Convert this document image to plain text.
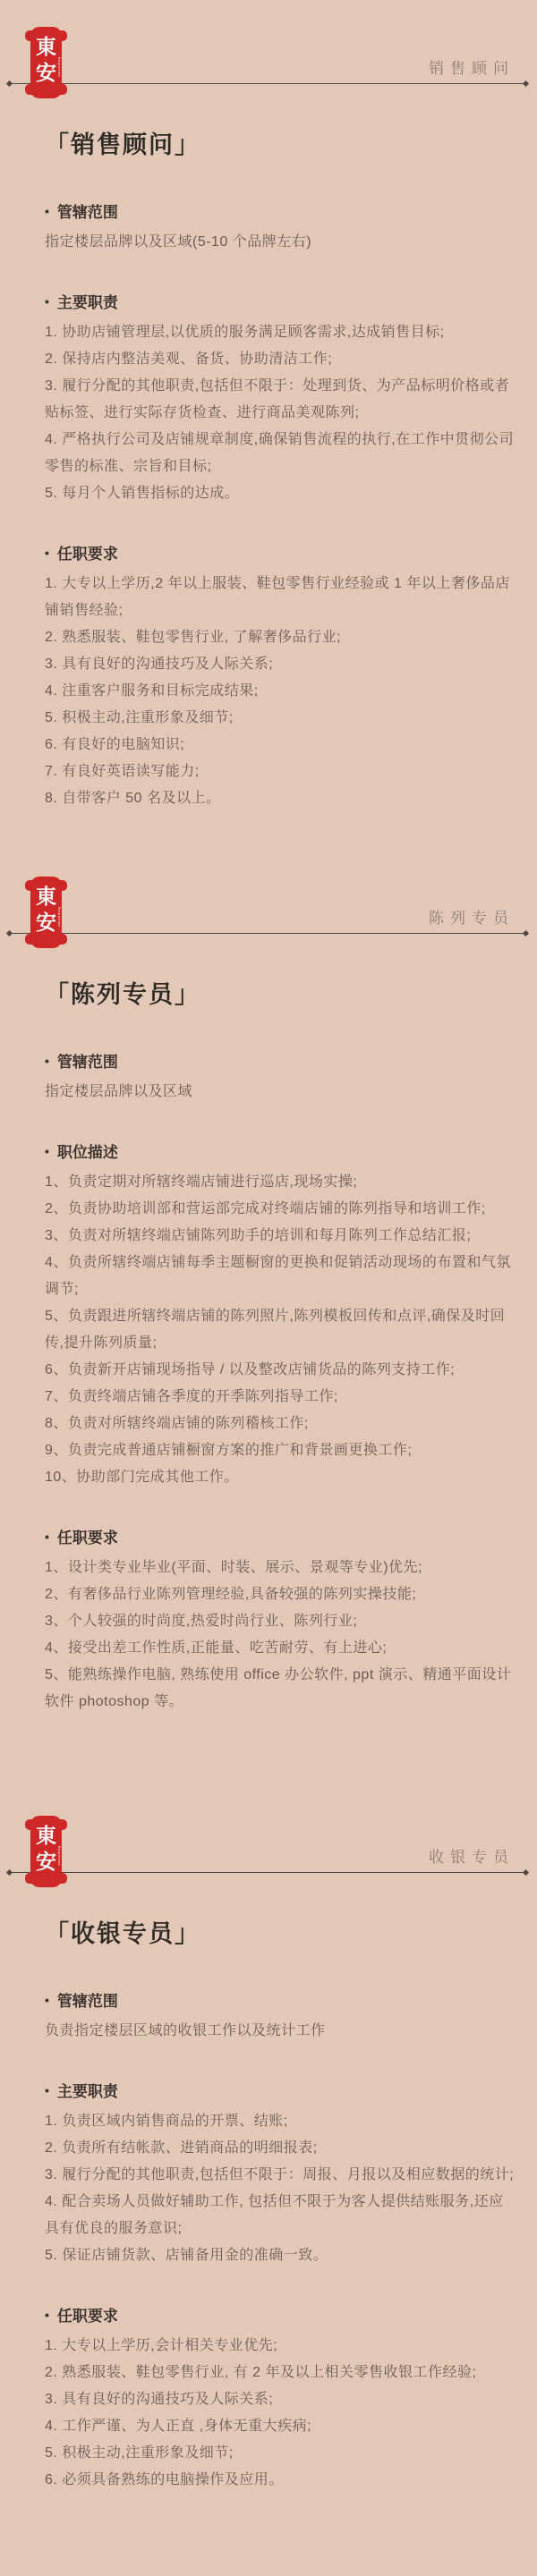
東
安 Emporium	销售顾问
「销售顾问」
• 管辖范围
指定楼层品牌以及区域(5-10 个品牌左右)
• 主要职责
1. 协助店铺管理层,以优质的服务满足顾客需求,达成销售目标;
2. 保持店内整洁美观、备货、协助清洁工作;
3. 履行分配的其他职责,包括但不限于：处理到货、为产品标明价格或者贴标签、进行实际存货检查、进行商品美观陈列;
4. 严格执行公司及店铺规章制度,确保销售流程的执行,在工作中贯彻公司零售的标准、宗旨和目标;
5. 每月个人销售指标的达成。
• 任职要求
1. 大专以上学历,2 年以上服装、鞋包零售行业经验或 1 年以上奢侈品店铺销售经验;
2. 熟悉服装、鞋包零售行业, 了解奢侈品行业;
3. 具有良好的沟通技巧及人际关系;
4. 注重客户服务和目标完成结果;
5. 积极主动,注重形象及细节;
6. 有良好的电脑知识;
7. 有良好英语读写能力;
8. 自带客户 50 名及以上。
東
安 Emporium	陈列专员
「陈列专员」
• 管辖范围
指定楼层品牌以及区域
• 职位描述
1、负责定期对所辖终端店铺进行巡店,现场实操;
2、负责协助培训部和营运部完成对终端店铺的陈列指导和培训工作;
3、负责对所辖终端店铺陈列助手的培训和每月陈列工作总结汇报;
4、负责所辖终端店铺每季主题橱窗的更换和促销活动现场的布置和气氛调节;
5、负责跟进所辖终端店铺的陈列照片,陈列模板回传和点评,确保及时回传,提升陈列质量;
6、负责新开店铺现场指导 / 以及整改店铺货品的陈列支持工作;
7、负责终端店铺各季度的开季陈列指导工作;
8、负责对所辖终端店铺的陈列稽核工作;
9、负责完成普通店铺橱窗方案的推广和背景画更换工作;
10、协助部门完成其他工作。
• 任职要求
1、设计类专业毕业(平面、时装、展示、景观等专业)优先;
2、有奢侈品行业陈列管理经验,具备较强的陈列实操技能;
3、个人较强的时尚度,热爱时尚行业、陈列行业;
4、接受出差工作性质,正能量、吃苦耐劳、有上进心;
5、能熟练操作电脑, 熟练使用 office 办公软件, ppt 演示、精通平面设计软件 photoshop 等。
東
安 Emporium	收银专员
「收银专员」
• 管辖范围
负责指定楼层区域的收银工作以及统计工作
• 主要职责
1. 负责区域内销售商品的开票、结账;
2. 负责所有结帐款、进销商品的明细报表;
3. 履行分配的其他职责,包括但不限于：周报、月报以及相应数据的统计;
4. 配合卖场人员做好辅助工作, 包括但不限于为客人提供结账服务,还应具有优良的服务意识;
5. 保证店铺货款、店铺备用金的准确一致。
• 任职要求
1. 大专以上学历,会计相关专业优先;
2. 熟悉服装、鞋包零售行业, 有 2 年及以上相关零售收银工作经验;
3. 具有良好的沟通技巧及人际关系;
4. 工作严谨、为人正直 ,身体无重大疾病;
5. 积极主动,注重形象及细节;
6. 必须具备熟练的电脑操作及应用。
